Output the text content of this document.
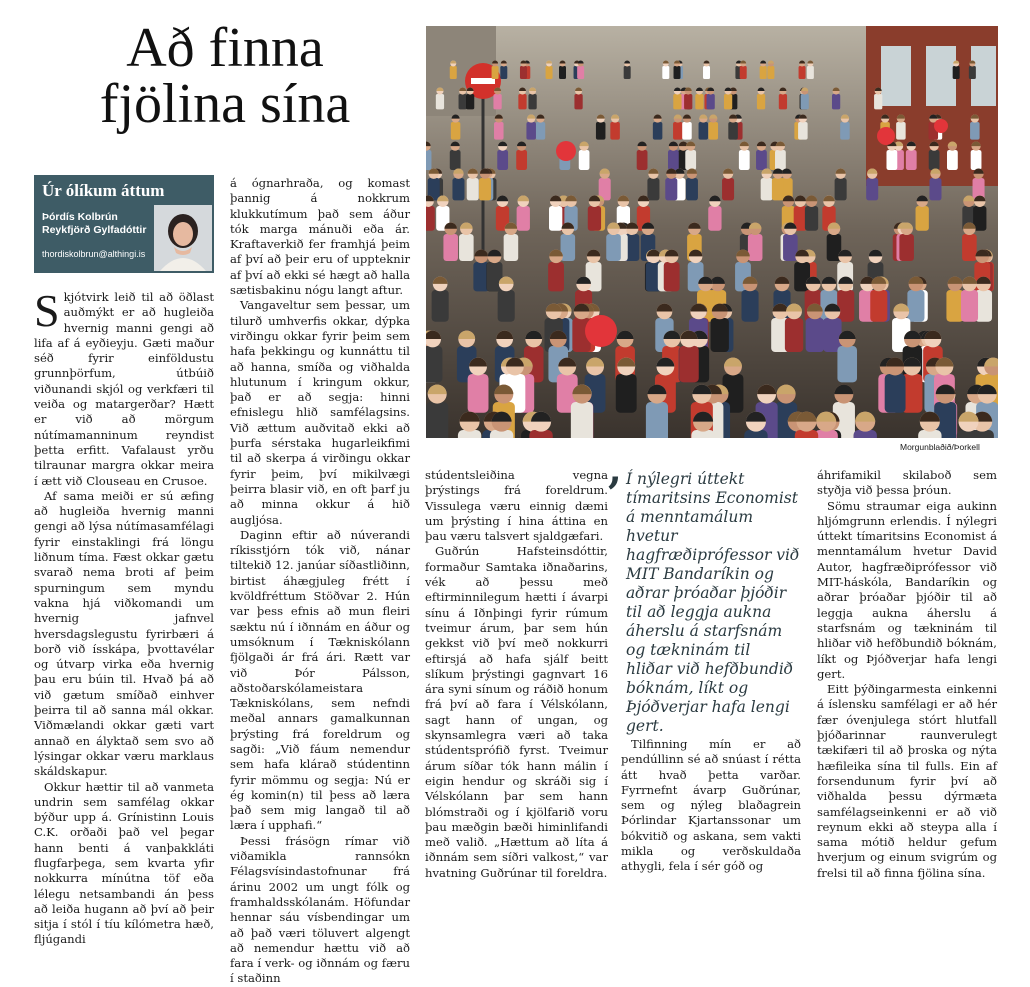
Að finna
fjölina sína
Úr ólíkum áttum
Þórdís Kolbrún
Reykfjörð Gylfadóttir
thordiskolbrun@althingi.is

Skjótvirk leið til að öðlast auðmýkt er að hugleiða hvernig manni gengi að lifa af á eyðieyju. Gæti maður séð fyrir einföldustu grunnþörfum, útbúið viðunandi skjól og verkfæri til veiða og matargerðar? Hætt er við að mörgum nútímamanninum reyndist þetta erfitt. Vafalaust yrðu tilraunar margra okkar meira í ætt við Clouseau en Crusoe.

Af sama meiði er sú æfing að hugleiða hvernig manni gengi að lýsa nútímasamfélagi fyrir einstaklingi frá löngu liðnum tíma. Fæst okkar gætu svarað nema broti af þeim spurningum sem myndu vakna hjá viðkomandi um hvernig jafnvel hversdagslegustu fyrirbæri á borð við ísskápa, þvottavélar og útvarp virka eða hvernig þau eru búin til. Hvað þá að við gætum smíðað einhver þeirra til að sanna mál okkar. Viðmælandi okkar gæti vart annað en ályktað sem svo að lýsingar okkar væru marklaus skáldskapur.

Okkur hættir til að vanmeta undrin sem samfélag okkar býður upp á. Grínistinn Louis C.K. orðaði það vel þegar hann benti á vanþakkláti flugfarþega, sem kvarta yfir nokkurra mínútna töf eða lélegu netsambandi án þess að leiða hugann að því að þeir sitja í stól í tíu kílómetra hæð, fljúgandi

á ógnarhraða, og komast þannig á nokkrum klukkutímum það sem áður tók marga mánuði eða ár. Kraftaverkið fer framhjá þeim af því að þeir eru of uppteknir af því að ekki sé hægt að halla sætisbakinu nógu langt aftur.

Vangaveltur sem þessar, um tilurð umhverfis okkar, dýpka virðingu okkar fyrir þeim sem hafa þekkingu og kunnáttu til að hanna, smíða og viðhalda hlutunum í kringum okkur, það er að segja: hinni efnislegu hlið samfélagsins. Við ættum auðvitað ekki að þurfa sérstaka hugarleikfimi til að skerpa á virðingu okkar fyrir þeim, því mikilvægi þeirra blasir við, en oft þarf ju að minna okkur á hið augljósa.

Daginn eftir að núverandi ríkisstjórn tók við, nánar tiltekið 12. janúar síðastliðinn, birtist áhægjuleg frétt í kvöldfréttum Stöðvar 2. Hún var þess efnis að mun fleiri sæktu nú í iðnnám en áður og umsóknum í Tækniskólann fjölgaði ár frá ári. Rætt var við Þór Pálsson, aðstoðarskólameistara Tækniskólans, sem nefndi meðal annars gamalkunnan þrýsting frá foreldrum og sagði: „Við fáum nemendur sem hafa klárað stúdentinn fyrir mömmu og segja: Nú er ég komin(n) til þess að læra það sem mig langað til að læra í upphafi.“

Þessi frásögn rímar við viðamikla rannsókn Félagsvísindastofnunar frá árinu 2002 um ungt fólk og framhaldsskólanám. Höfundar hennar sáu vísbendingar um að það væri töluvert algengt að nemendur hættu við að fara í verk- og iðnnám og færu í staðinn

Morgunblaðið/Þorkell

stúdentsleiðina vegna þrýstings frá foreldrum. Vissulega væru einnig dæmi um þrýsting í hina áttina en þau væru talsvert sjaldgæfari.

Guðrún Hafsteinsdóttir, formaður Samtaka iðnaðarins, vék að þessu með eftirminnilegum hætti í ávarpi sínu á Iðnþingi fyrir rúmum tveimur árum, þar sem hún gekkst við því með nokkurri eftirsjá að hafa sjálf beitt slíkum þrýstingi gagnvart 16 ára syni sínum og ráðið honum frá því að fara í Vélskólann, sagt hann of ungan, og skynsamlegra væri að taka stúdentsprófið fyrst. Tveimur árum síðar tók hann málin í eigin hendur og skráði sig í Vélskólann þar sem hann blómstraði og í kjölfarið voru þau mæðgin bæði himinlifandi með valið. „Hættum að líta á iðnnám sem síðri valkost,“ var hvatning Guðrúnar til foreldra.

, Í nýlegri úttekt tímaritsins Economist á menntamálum hvetur hagfræðiprófessor við MIT Bandaríkin og aðrar þróaðar þjóðir til að leggja aukna áherslu á starfsnám og tækninám til hliðar við hefðbundið bóknám, líkt og Þjóðverjar hafa lengi gert.

Tilfinning mín er að pendúllinn sé að snúast í rétta átt hvað þetta varðar. Fyrrnefnt ávarp Guðrúnar, sem og nýleg blaðagrein Þórlindar Kjartanssonar um bókvitið og askana, sem vakti mikla og verðskuldaða athygli, fela í sér góð og

áhrifamikil skilaboð sem styðja við þessa þróun.

Sömu straumar eiga aukinn hljómgrunn erlendis. Í nýlegri úttekt tímaritsins Economist á menntamálum hvetur David Autor, hagfræðiprófessor við MIT-háskóla, Bandaríkin og aðrar þróaðar þjóðir til að leggja aukna áherslu á starfsnám og tækninám til hliðar við hefðbundið bóknám, líkt og Þjóðverjar hafa lengi gert.

Eitt þýðingarmesta einkenni á íslensku samfélagi er að hér fær óvenjulega stórt hlutfall þjóðarinnar raunverulegt tækifæri til að þroska og nýta hæfileika sína til fulls. Ein af forsendunum fyrir því að viðhalda þessu dýrmæta samfélagseinkenni er að við reynum ekki að steypa alla í sama mótið heldur gefum hverjum og einum svigrúm og frelsi til að finna fjölina sína.
